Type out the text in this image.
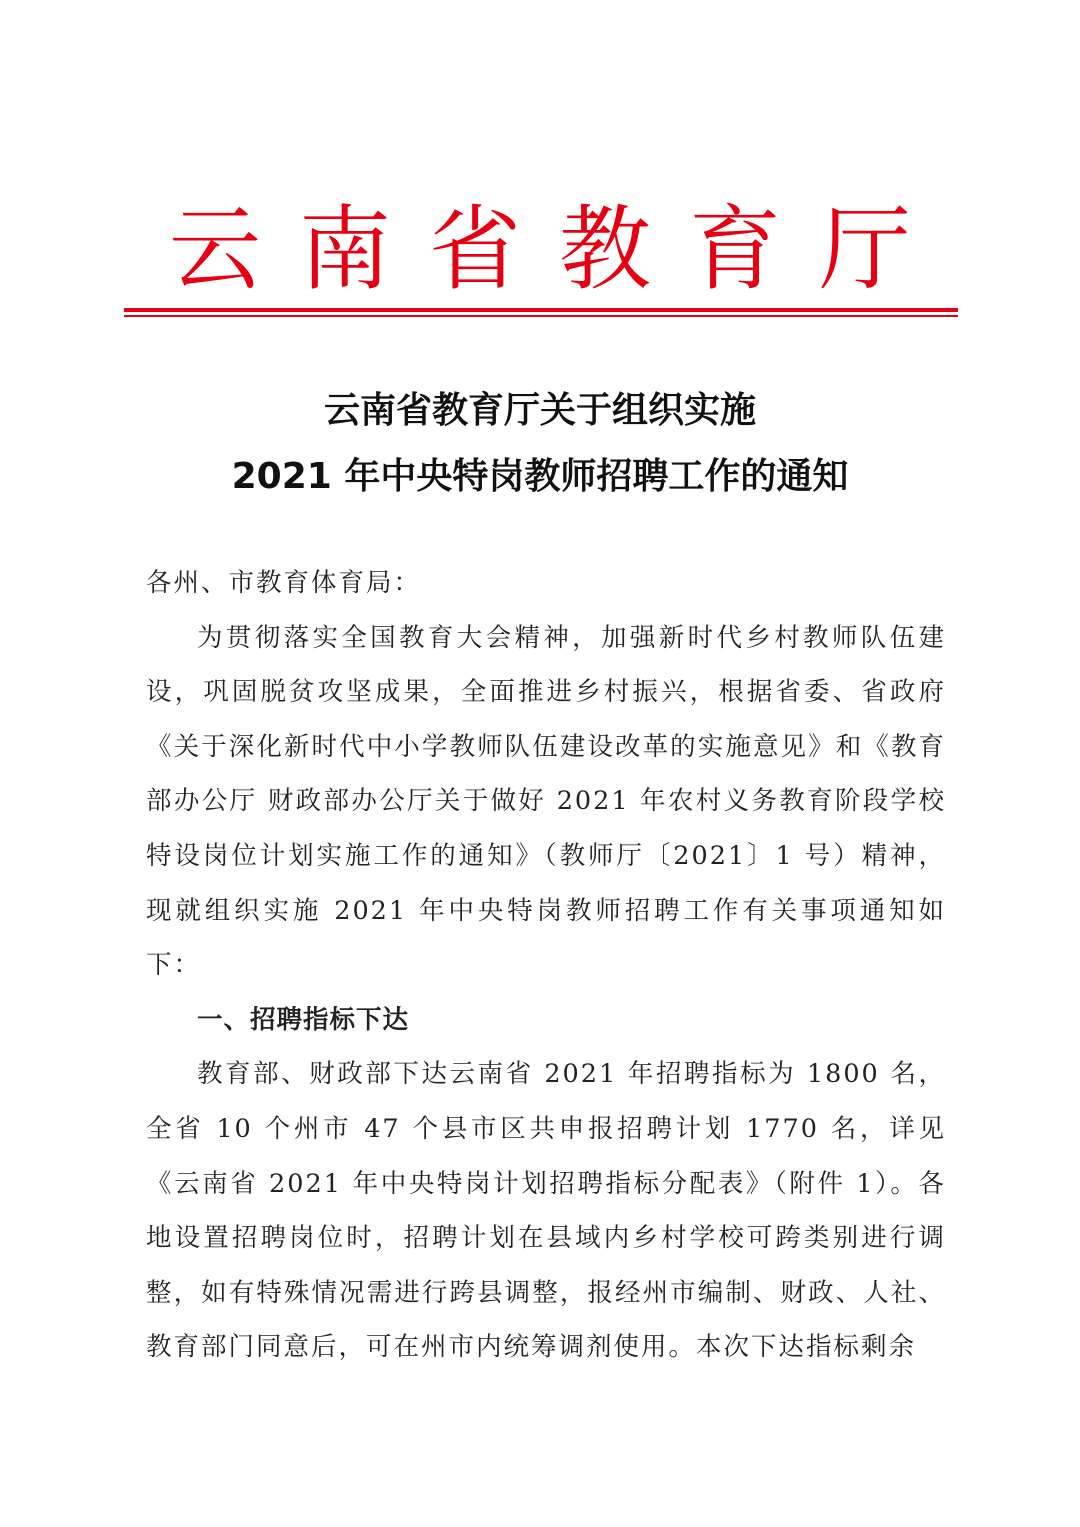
云南省教育厅
云南省教育厅关于组织实施
2021 年中央特岗教师招聘工作的通知

各州、市教育体育局：

为贯彻落实全国教育大会精神，加强新时代乡村教师队伍建设，巩固脱贫攻坚成果，全面推进乡村振兴，根据省委、省政府《关于深化新时代中小学教师队伍建设改革的实施意见》和《教育部办公厅 财政部办公厅关于做好 2021 年农村义务教育阶段学校特设岗位计划实施工作的通知》（教师厅〔2021〕1 号）精神，现就组织实施 2021 年中央特岗教师招聘工作有关事项通知如下：

一、招聘指标下达

教育部、财政部下达云南省 2021 年招聘指标为 1800 名，全省 10 个州市 47 个县市区共申报招聘计划 1770 名，详见《云南省 2021 年中央特岗计划招聘指标分配表》（附件 1）。各地设置招聘岗位时，招聘计划在县域内乡村学校可跨类别进行调整，如有特殊情况需进行跨县调整，报经州市编制、财政、人社、教育部门同意后，可在州市内统筹调剂使用。本次下达指标剩余
